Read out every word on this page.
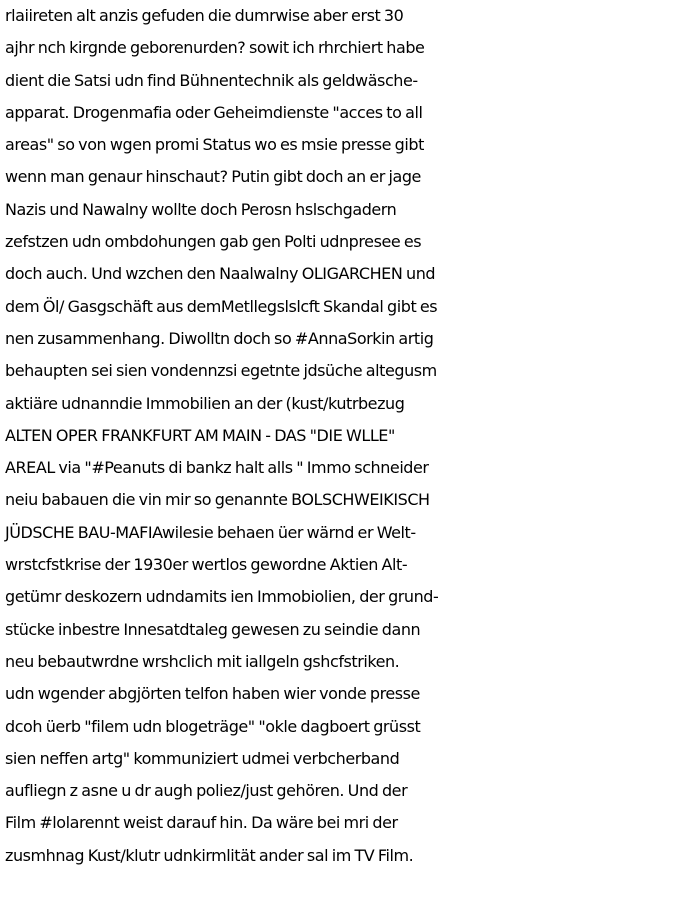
rlaiireten alt anzis gefuden die dumrwise aber erst 30
ajhr nch kirgnde geborenurden? sowit ich rhrchiert habe
dient die Satsi udn find Bühnentechnik als geldwäsche-
apparat. Drogenmafia oder Geheimdienste "acces to all
areas" so von wgen promi Status wo es msie presse gibt
wenn man genaur hinschaut? Putin gibt doch an er jage
Nazis und Nawalny wollte doch Perosn hslschgadern
zefstzen udn ombdohungen gab gen Polti udnpresee es
doch auch. Und wzchen den Naalwalny OLIGARCHEN und
dem Öl/ Gasgschäft aus demMetllegslslcft Skandal gibt es
nen zusammenhang. Diwolltn doch so #AnnaSorkin artig
behaupten sei sien vondennzsi egetnte jdsüche altegusm
aktiäre udnanndie Immobilien an der (kust/kutrbezug
ALTEN OPER FRANKFURT AM MAIN - DAS "DIE WLLE"
AREAL via "#Peanuts di bankz halt alls " Immo schneider
neiu babauen die vin mir so genannte BOLSCHWEIKISCH
JÜDSCHE BAU-MAFIAwilesie behaen üer wärnd er Welt-
wrstcfstkrise der 1930er wertlos gewordne Aktien Alt-
getümr deskozern udndamits ien Immobiolien, der grund-
stücke inbestre Innesatdtaleg gewesen zu seindie dann
neu bebautwrdne wrshclich mit iallgeln gshcfstriken.
udn wgender abgjörten telfon haben wier vonde presse
dcoh üerb "filem udn blogeträge" "okle dagboert grüsst
sien neffen artg" kommuniziert udmei verbcherband
aufliegn z asne u dr augh poliez/just gehören. Und der
Film #lolarennt weist darauf hin. Da wäre bei mri der
zusmhnag Kust/klutr udnkirmlität ander sal im TV Film.
